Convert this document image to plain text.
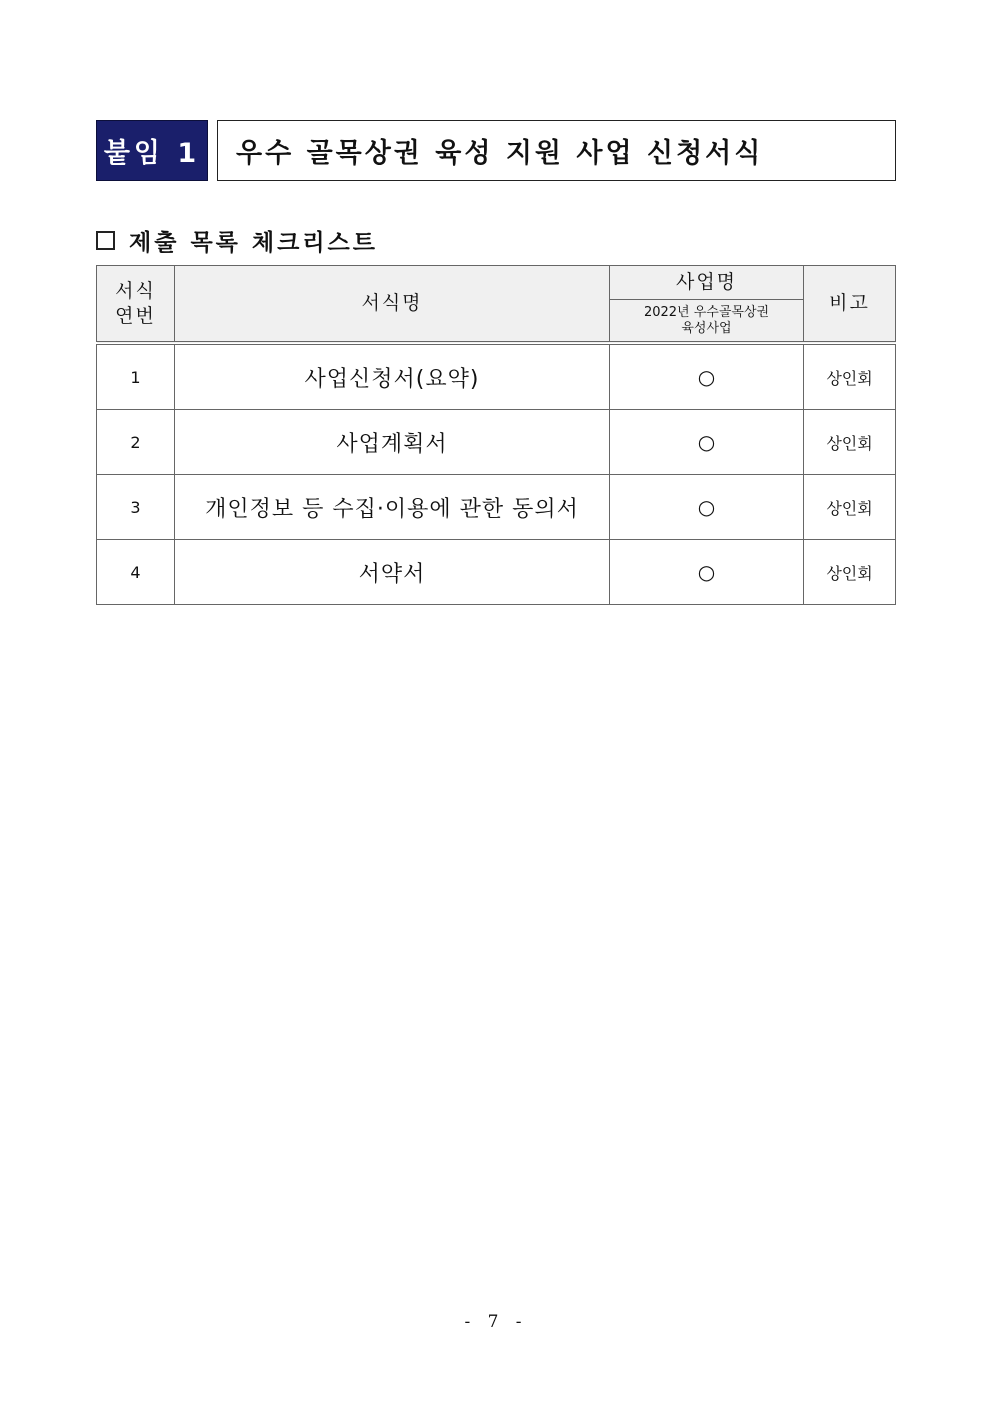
붙임 1	우수 골목상권 육성 지원 사업 신청서식
제출 목록 체크리스트
서식
연번	서식명	사업명	비고

		2022년 우수골목상권
육성사업	

1	사업신청서(요약)	○	상인회
2	사업계획서	○	상인회
3	개인정보 등 수집·이용에 관한 동의서	○	상인회
4	서약서	○	상인회
- 7 -
